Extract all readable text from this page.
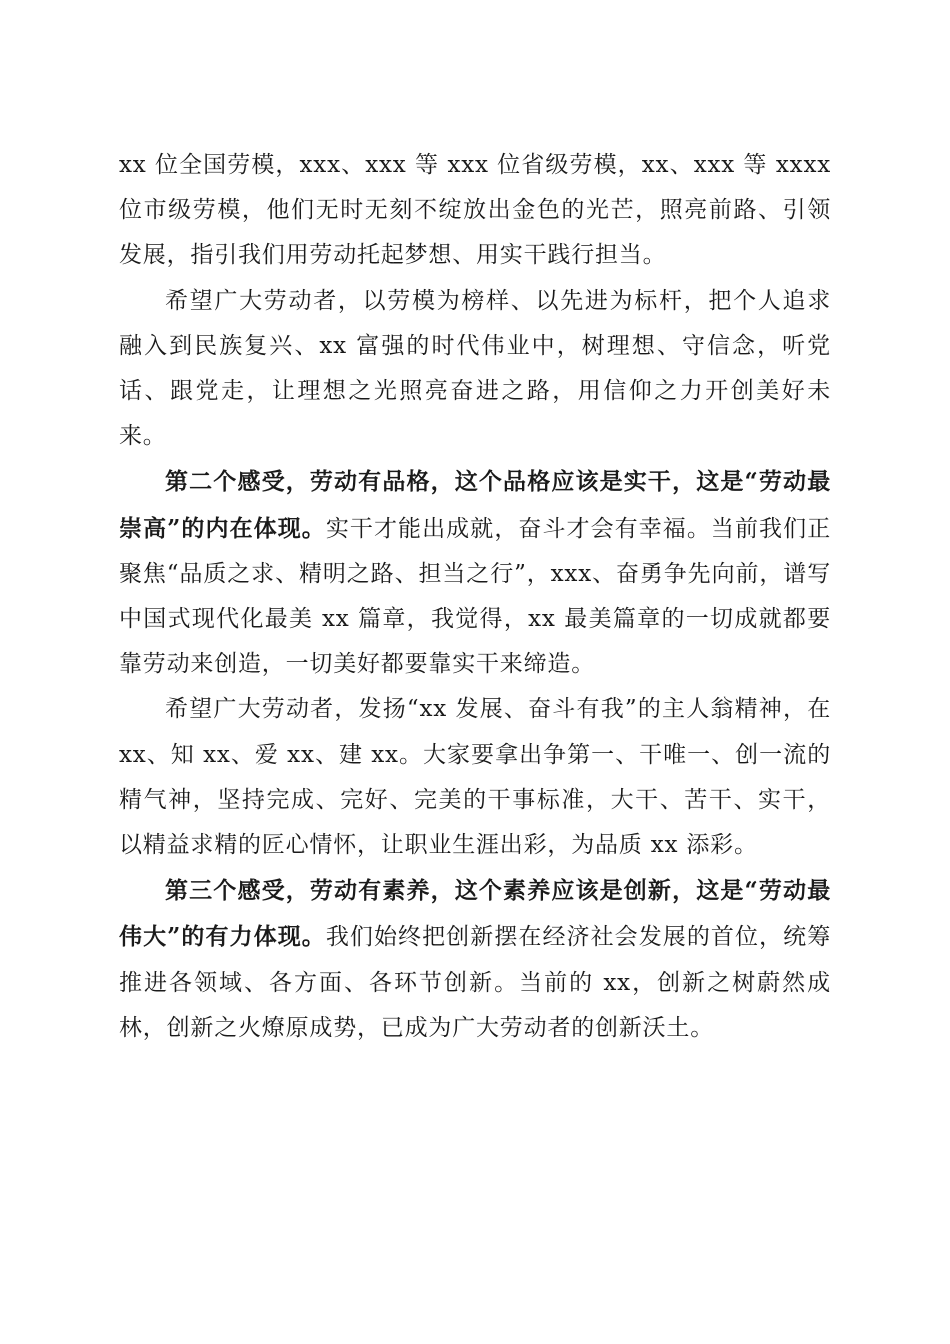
xx 位全国劳模，xxx、xxx 等 xxx 位省级劳模，xx、xxx 等 xxxx 位市级劳模，他们无时无刻不绽放出金色的光芒，照亮前路、引领发展，指引我们用劳动托起梦想、用实干践行担当。

希望广大劳动者，以劳模为榜样、以先进为标杆，把个人追求融入到民族复兴、xx 富强的时代伟业中，树理想、守信念，听党话、跟党走，让理想之光照亮奋进之路，用信仰之力开创美好未来。

第二个感受，劳动有品格，这个品格应该是实干，这是“劳动最崇高”的内在体现。实干才能出成就，奋斗才会有幸福。当前我们正聚焦“品质之求、精明之路、担当之行”，xxx、奋勇争先向前，谱写中国式现代化最美 xx 篇章，我觉得，xx 最美篇章的一切成就都要靠劳动来创造，一切美好都要靠实干来缔造。

希望广大劳动者，发扬“xx 发展、奋斗有我”的主人翁精神，在 xx、知 xx、爱 xx、建 xx。大家要拿出争第一、干唯一、创一流的精气神，坚持完成、完好、完美的干事标准，大干、苦干、实干，以精益求精的匠心情怀，让职业生涯出彩，为品质 xx 添彩。

第三个感受，劳动有素养，这个素养应该是创新，这是“劳动最伟大”的有力体现。我们始终把创新摆在经济社会发展的首位，统筹推进各领域、各方面、各环节创新。当前的 xx，创新之树蔚然成林，创新之火燎原成势，已成为广大劳动者的创新沃土。
